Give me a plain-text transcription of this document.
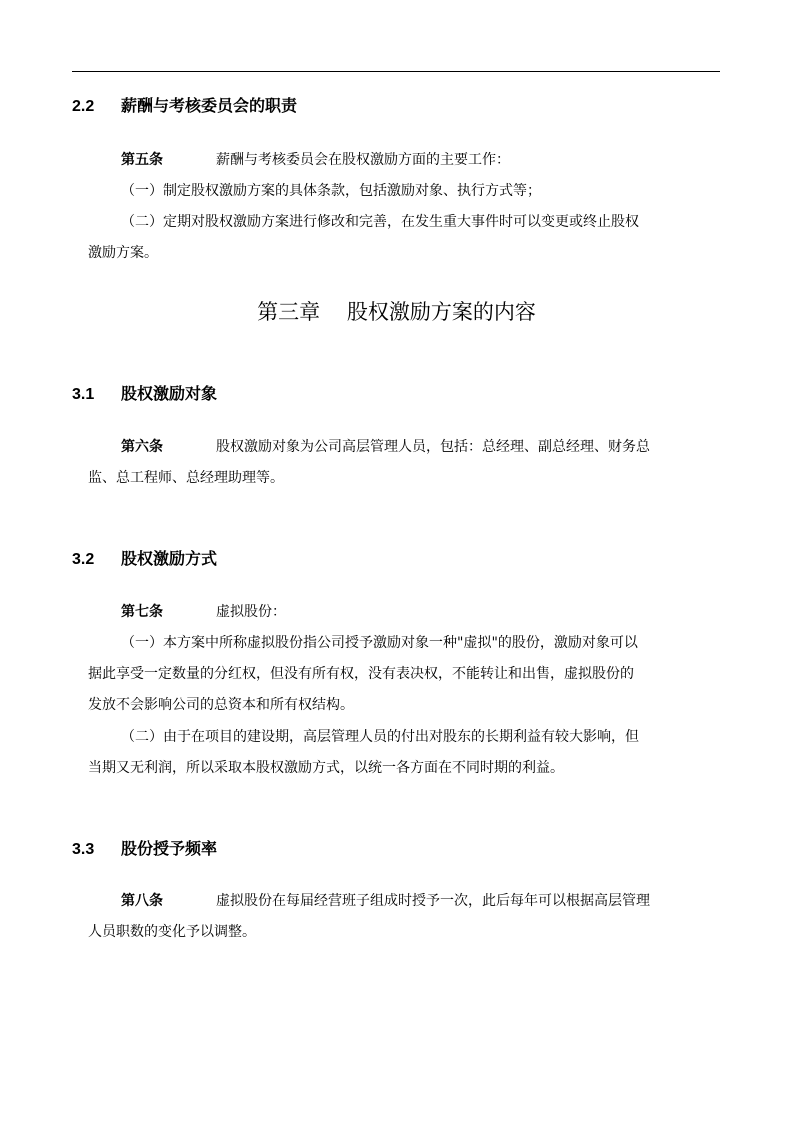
2.2 薪酬与考核委员会的职责
第五条	薪酬与考核委员会在股权激励方面的主要工作：
（一）制定股权激励方案的具体条款，包括激励对象、执行方式等；
（二）定期对股权激励方案进行修改和完善，在发生重大事件时可以变更或终止股权
激励方案。
第三章    股权激励方案的内容
3.1 股权激励对象
第六条	股权激励对象为公司高层管理人员，包括：总经理、副总经理、财务总
监、总工程师、总经理助理等。
3.2 股权激励方式
第七条	虚拟股份：
（一）本方案中所称虚拟股份指公司授予激励对象一种"虚拟"的股份，激励对象可以
据此享受一定数量的分红权，但没有所有权，没有表决权，不能转让和出售，虚拟股份的
发放不会影响公司的总资本和所有权结构。
（二）由于在项目的建设期，高层管理人员的付出对股东的长期利益有较大影响，但
当期又无利润，所以采取本股权激励方式，以统一各方面在不同时期的利益。
3.3 股份授予频率
第八条	虚拟股份在每届经营班子组成时授予一次，此后每年可以根据高层管理
人员职数的变化予以调整。
